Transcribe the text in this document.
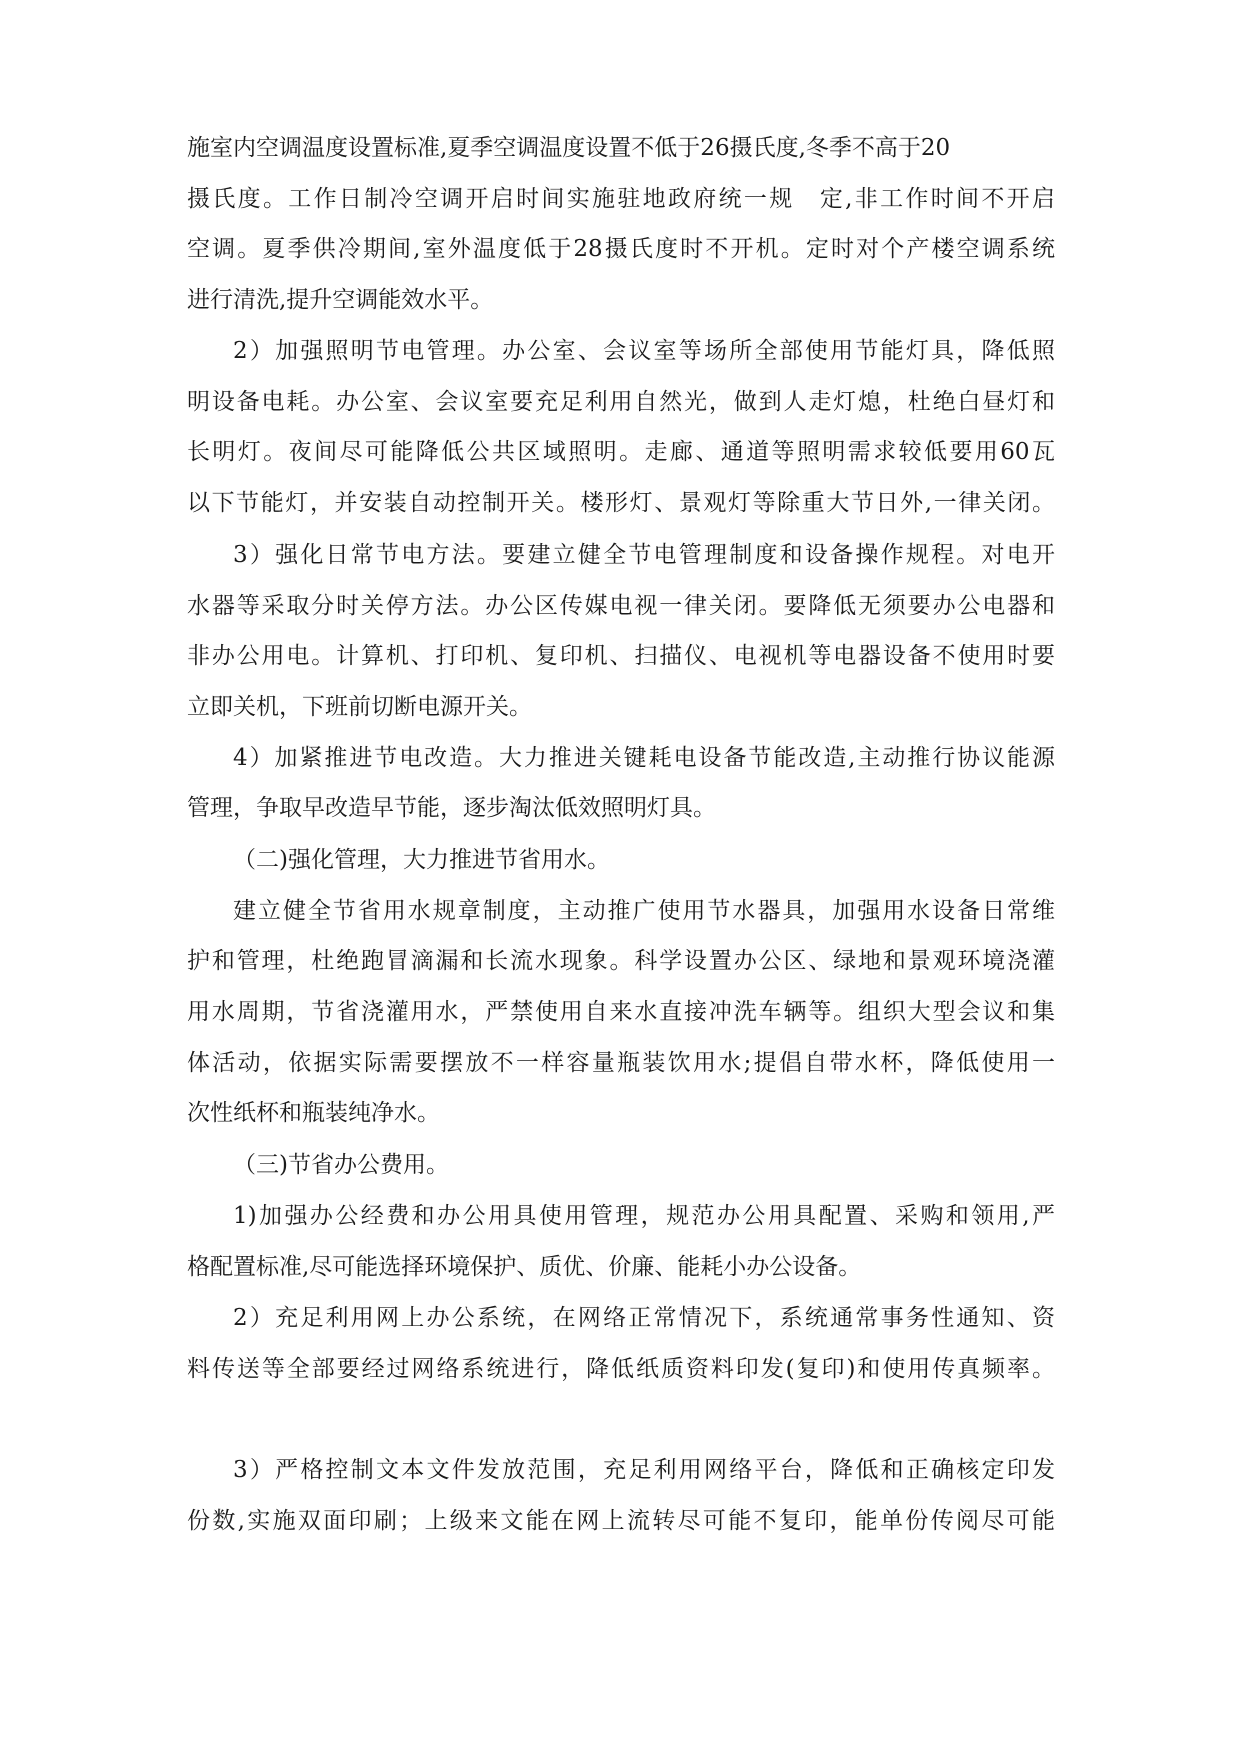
施室内空调温度设置标准,夏季空调温度设置不低于26摄氏度,冬季不高于20
摄氏度。工作日制冷空调开启时间实施驻地政府统一规　定,非工作时间不开启
空调。夏季供冷期间,室外温度低于28摄氏度时不开机。定时对个产楼空调系统
进行清洗,提升空调能效水平。
2）加强照明节电管理。办公室、会议室等场所全部使用节能灯具，降低照
明设备电耗。办公室、会议室要充足利用自然光，做到人走灯熄，杜绝白昼灯和
长明灯。夜间尽可能降低公共区域照明。走廊、通道等照明需求较低要用60瓦
以下节能灯，并安装自动控制开关。楼形灯、景观灯等除重大节日外,一律关闭。
3）强化日常节电方法。要建立健全节电管理制度和设备操作规程。对电开
水器等采取分时关停方法。办公区传媒电视一律关闭。要降低无须要办公电器和
非办公用电。计算机、打印机、复印机、扫描仪、电视机等电器设备不使用时要
立即关机，下班前切断电源开关。
4）加紧推进节电改造。大力推进关键耗电设备节能改造,主动推行协议能源
管理，争取早改造早节能，逐步淘汰低效照明灯具。
（二)强化管理，大力推进节省用水。
建立健全节省用水规章制度，主动推广使用节水器具，加强用水设备日常维
护和管理，杜绝跑冒滴漏和长流水现象。科学设置办公区、绿地和景观环境浇灌
用水周期，节省浇灌用水，严禁使用自来水直接冲洗车辆等。组织大型会议和集
体活动，依据实际需要摆放不一样容量瓶装饮用水;提倡自带水杯，降低使用一
次性纸杯和瓶装纯净水。
（三)节省办公费用。
1)加强办公经费和办公用具使用管理，规范办公用具配置、采购和领用,严
格配置标准,尽可能选择环境保护、质优、价廉、能耗小办公设备。
2）充足利用网上办公系统，在网络正常情况下，系统通常事务性通知、资
料传送等全部要经过网络系统进行，降低纸质资料印发(复印)和使用传真频率。
3）严格控制文本文件发放范围，充足利用网络平台，降低和正确核定印发
份数,实施双面印刷；上级来文能在网上流转尽可能不复印，能单份传阅尽可能
